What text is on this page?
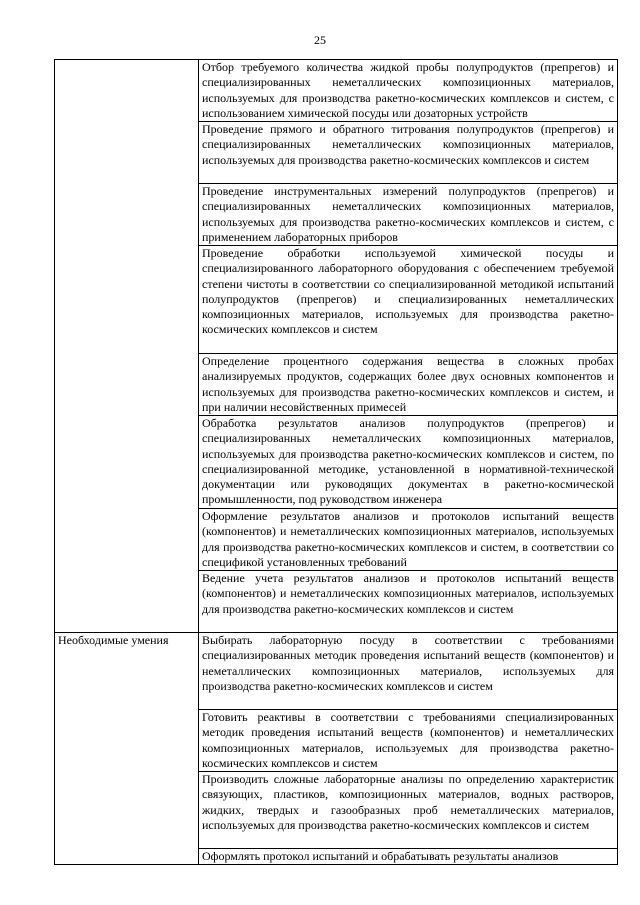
25

	Отбор требуемого количества жидкой пробы полупродуктов (препрегов) и специализированных неметаллических композиционных материалов, используемых для производства ракетно-космических комплексов и систем, с использованием химической посуды или дозаторных устройств

	Проведение прямого и обратного титрования полупродуктов (препрегов) и специализированных неметаллических композиционных материалов, используемых для производства ракетно-космических комплексов и систем

	Проведение инструментальных измерений полупродуктов (препрегов) и специализированных неметаллических композиционных материалов, используемых для производства ракетно-космических комплексов и систем, с применением лабораторных приборов

	Проведение обработки используемой химической посуды и специализированного лабораторного оборудования с обеспечением требуемой степени чистоты в соответствии со специализированной методикой испытаний полупродуктов (препрегов) и специализированных неметаллических композиционных материалов, используемых для производства ракетно-космических комплексов и систем

	Определение процентного содержания вещества в сложных пробах анализируемых продуктов, содержащих более двух основных компонентов и используемых для производства ракетно-космических комплексов и систем, и при наличии несовйственных примесей

	Обработка результатов анализов полупродуктов (препрегов) и специализированных неметаллических композиционных материалов, используемых для производства ракетно-космических комплексов и систем, по специализированной методике, установленной в нормативной-технической документации или руководящих документах в ракетно-космической промышленности, под руководством инженера

	Оформление результатов анализов и протоколов испытаний веществ (компонентов) и неметаллических композиционных материалов, используемых для производства ракетно-космических комплексов и систем, в соответствии со спецификой установленных требований

	Ведение учета результатов анализов и протоколов испытаний веществ (компонентов) и неметаллических композиционных материалов, используемых для производства ракетно-космических комплексов и систем

Необходимые умения	Выбирать лабораторную посуду в соответствии с требованиями специализированных методик проведения испытаний веществ (компонентов) и неметаллических композиционных материалов, используемых для производства ракетно-космических комплексов и систем

	Готовить реактивы в соответствии с требованиями специализированных методик проведения испытаний веществ (компонентов) и неметаллических композиционных материалов, используемых для производства ракетно-космических комплексов и систем

	Производить сложные лабораторные анализы по определению характеристик связующих, пластиков, композиционных материалов, водных растворов, жидких, твердых и газообразных проб неметаллических материалов, используемых для производства ракетно-космических комплексов и систем

	Оформлять протокол испытаний и обрабатывать результаты анализов
